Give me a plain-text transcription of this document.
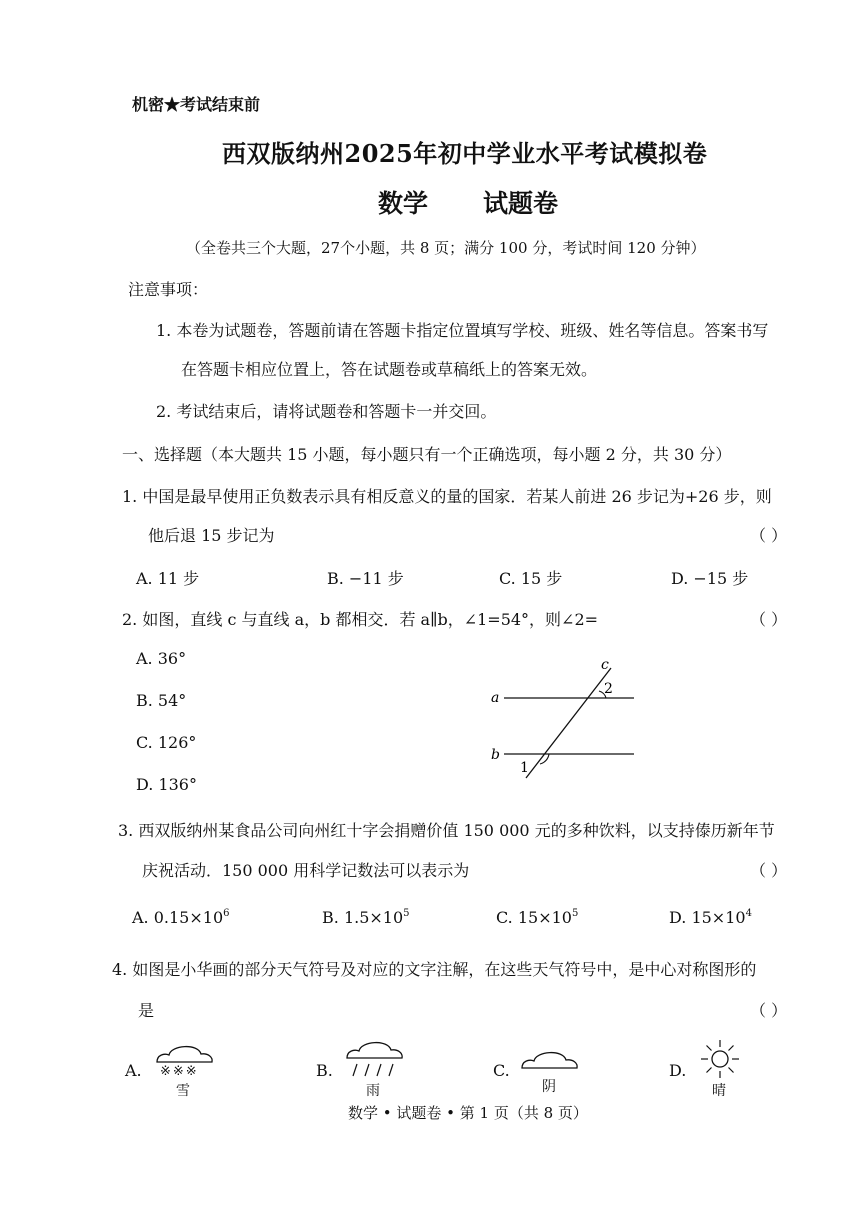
机密★考试结束前
西双版纳州2025年初中学业水平考试模拟卷
数学 试题卷
（全卷共三个大题，27个小题，共 8 页；满分 100 分，考试时间 120 分钟）
注意事项：
1. 本卷为试题卷，答题前请在答题卡指定位置填写学校、班级、姓名等信息。答案书写
在答题卡相应位置上，答在试题卷或草稿纸上的答案无效。
2. 考试结束后，请将试题卷和答题卡一并交回。
一、选择题（本大题共 15 小题，每小题只有一个正确选项，每小题 2 分，共 30 分）
1. 中国是最早使用正负数表示具有相反意义的量的国家．若某人前进 26 步记为+26 步，则
他后退 15 步记为	（ ）
A. 11 步	B. −11 步	C. 15 步	D. −15 步
2. 如图，直线 c 与直线 a，b 都相交．若 a∥b，∠1=54°，则∠2=	（ ）
A. 36°
B. 54°
C. 126°
D. 136°
a
b
c
2
1
3. 西双版纳州某食品公司向州红十字会捐赠价值 150 000 元的多种饮料，以支持傣历新年节
庆祝活动．150 000 用科学记数法可以表示为	（ ）
A. $0.15\times 10^6$	B. $1.5\times 10^5$	C. $15\times 10^5$	D. $15\times 10^4$
4. 如图是小华画的部分天气符号及对应的文字注解，在这些天气符号中，是中心对称图形的
是	（ ）
A. ※※※
雪
B.
雨
C.
阴
D.
晴
数学 • 试题卷 • 第 1 页（共 8 页）
